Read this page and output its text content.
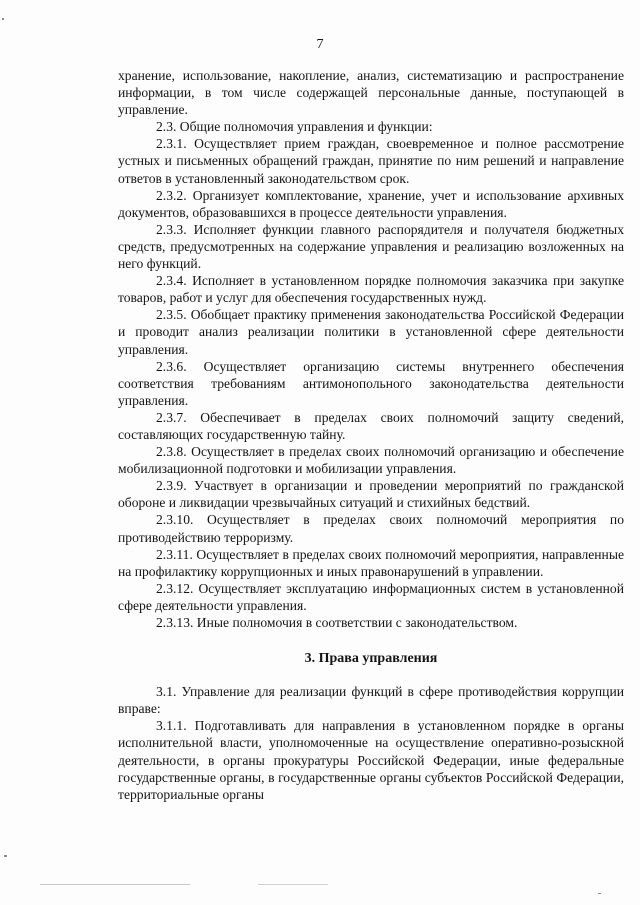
7

хранение, использование, накопление, анализ, систематизацию и распространение информации, в том числе содержащей персональные данные, поступающей в управление.

2.3. Общие полномочия управления и функции:

2.3.1. Осуществляет прием граждан, своевременное и полное рассмотрение устных и письменных обращений граждан, принятие по ним решений и направление ответов в установленный законодательством срок.

2.3.2. Организует комплектование, хранение, учет и использование архивных документов, образовавшихся в процессе деятельности управления.

2.3.3. Исполняет функции главного распорядителя и получателя бюджетных средств, предусмотренных на содержание управления и реализацию возложенных на него функций.

2.3.4. Исполняет в установленном порядке полномочия заказчика при закупке товаров, работ и услуг для обеспечения государственных нужд.

2.3.5. Обобщает практику применения законодательства Российской Федерации и проводит анализ реализации политики в установленной сфере деятельности управления.

2.3.6. Осуществляет организацию системы внутреннего обеспечения соответствия требованиям антимонопольного законодательства деятельности управления.

2.3.7. Обеспечивает в пределах своих полномочий защиту сведений, составляющих государственную тайну.

2.3.8. Осуществляет в пределах своих полномочий организацию и обеспечение мобилизационной подготовки и мобилизации управления.

2.3.9. Участвует в организации и проведении мероприятий по гражданской обороне и ликвидации чрезвычайных ситуаций и стихийных бедствий.

2.3.10. Осуществляет в пределах своих полномочий мероприятия по противодействию терроризму.

2.3.11. Осуществляет в пределах своих полномочий мероприятия, направленные на профилактику коррупционных и иных правонарушений в управлении.

2.3.12. Осуществляет эксплуатацию информационных систем в установленной сфере деятельности управления.

2.3.13. Иные полномочия в соответствии с законодательством.

3. Права управления

3.1. Управление для реализации функций в сфере противодействия коррупции вправе:

3.1.1. Подготавливать для направления в установленном порядке в органы исполнительной власти, уполномоченные на осуществление оперативно-розыскной деятельности, в органы прокуратуры Российской Федерации, иные федеральные государственные органы, в государственные органы субъектов Российской Федерации, территориальные органы
